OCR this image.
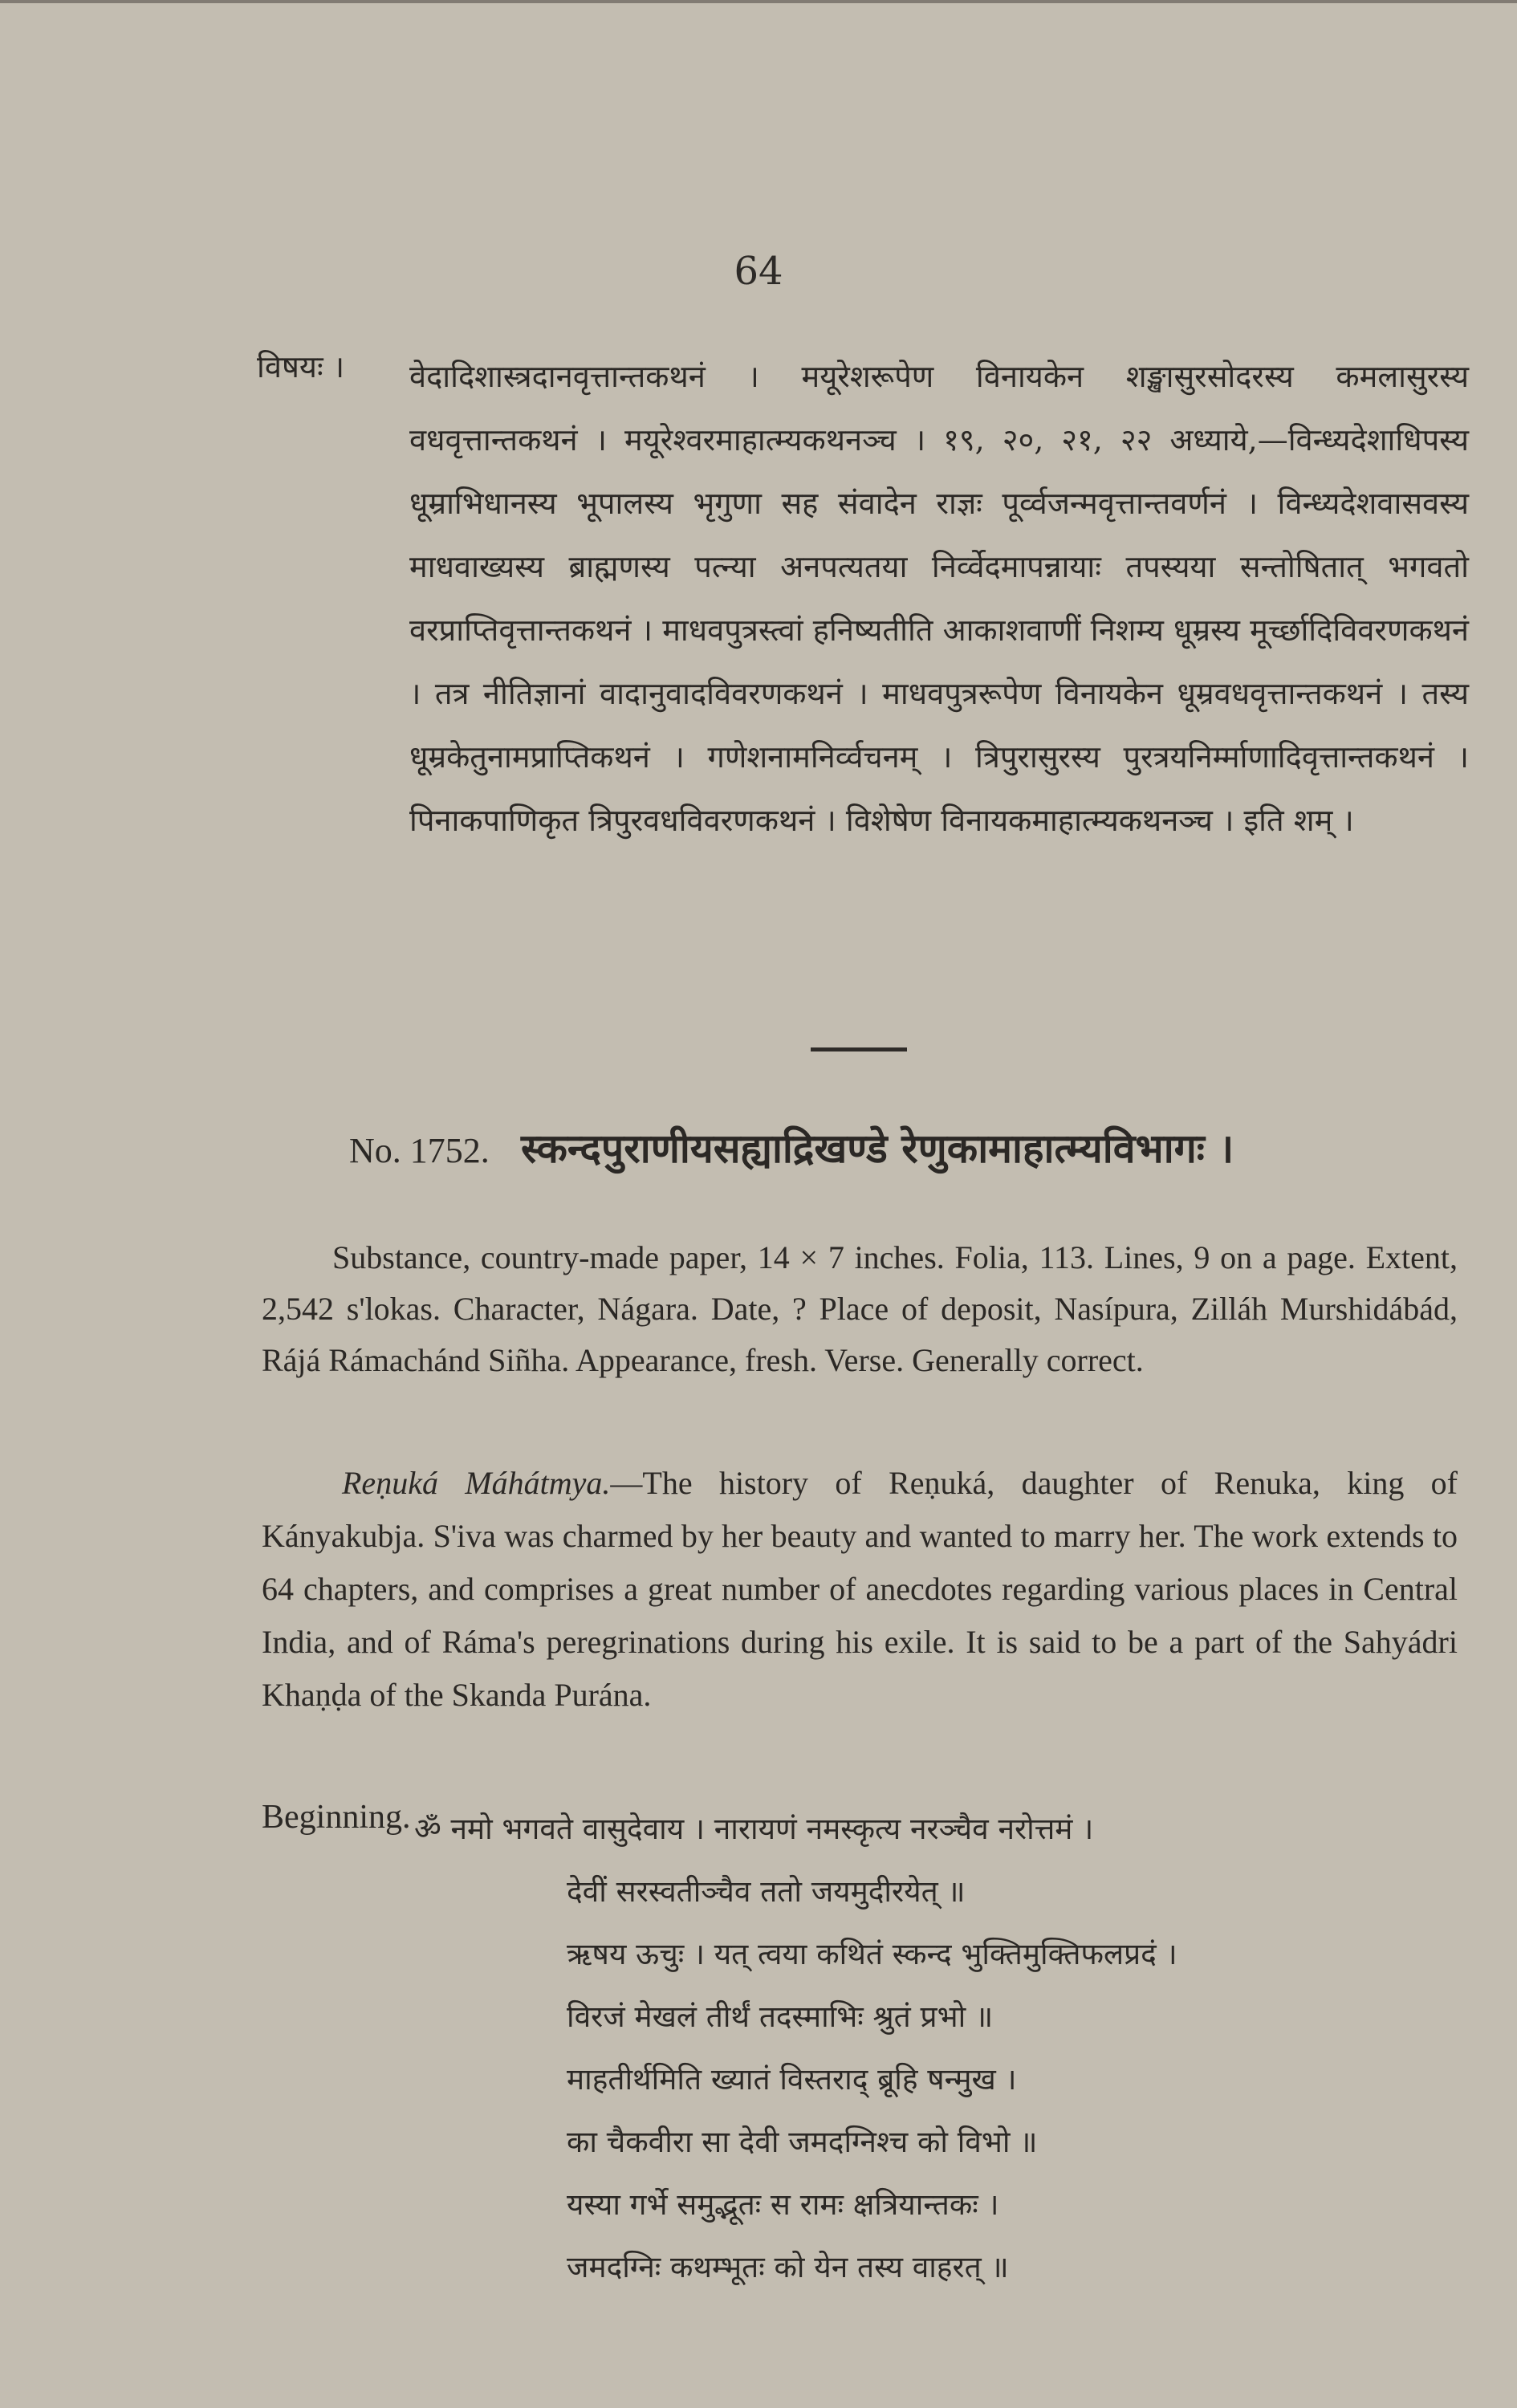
64
विषयः । वेदादिशास्त्रदानवृत्तान्तकथनं । मयूरेशरूपेण विनायकेन शङ्खासुरसोदरस्य कमलासुरस्य वधवृत्तान्तकथनं । मयूरेश्वरमाहात्म्यकथनञ्च । १९, २०, २१, २२ अध्याये,—विन्ध्यदेशाधिपस्य धूम्राभिधानस्य भूपालस्य भृगुणा सह संवादेन राज्ञः पूर्व्वजन्मवृत्तान्तवर्णनं । विन्ध्यदेशवासवस्य माधवाख्यस्य ब्राह्मणस्य पत्न्या अनपत्यतया निर्व्वेदमापन्नायाः तपस्यया सन्तोषितात् भगवतो वरप्राप्तिवृत्तान्तकथनं । माधवपुत्रस्त्वां हनिष्यतीति आकाशवाणीं निशम्य धूम्रस्य मूर्च्छादिविवरणकथनं । तत्र नीतिज्ञानां वादानुवादविवरणकथनं । माधवपुत्ररूपेण विनायकेन धूम्रवधवृत्तान्तकथनं । तस्य धूम्रकेतुनामप्राप्तिकथनं । गणेशनामनिर्व्वचनम् । त्रिपुरासुरस्य पुरत्रयनिर्म्माणादिवृत्तान्तकथनं । पिनाकपाणिकृत त्रिपुरवधविवरणकथनं । विशेषेण विनायकमाहात्म्यकथनञ्च । इति शम् ।
No. 1752. स्कन्दपुराणीयसह्याद्रिखण्डे रेणुकामाहात्म्यविभागः ।

Substance, country-made paper, 14 × 7 inches. Folia, 113. Lines, 9 on a page. Extent, 2,542 s'lokas. Character, Nágara. Date, ? Place of deposit, Nasípura, Zilláh Murshidábád, Rájá Rámachánd Siñha. Appearance, fresh. Verse. Generally correct.

Reṇuká Máhátmya.—The history of Reṇuká, daughter of Renuka, king of Kányakubja. S'iva was charmed by her beauty and wanted to marry her. The work extends to 64 chapters, and comprises a great number of anecdotes regarding various places in Central India, and of Ráma's peregrinations during his exile. It is said to be a part of the Sahyádri Khaṇḍa of the Skanda Purána.

Beginning. ॐ नमो भगवते वासुदेवाय । नारायणं नमस्कृत्य नरञ्चैव नरोत्तमं ।
देवीं सरस्वतीञ्चैव ततो जयमुदीरयेत् ॥
ऋषय ऊचुः । यत् त्वया कथितं स्कन्द भुक्तिमुक्तिफलप्रदं ।
विरजं मेखलं तीर्थं तदस्माभिः श्रुतं प्रभो ॥
माहतीर्थमिति ख्यातं विस्तराद् ब्रूहि षन्मुख ।
का चैकवीरा सा देवी जमदग्निश्च को विभो ॥
यस्या गर्भे समुद्भूतः स रामः क्षत्रियान्तकः ।
जमदग्निः कथम्भूतः को येन तस्य वाहरत् ॥
